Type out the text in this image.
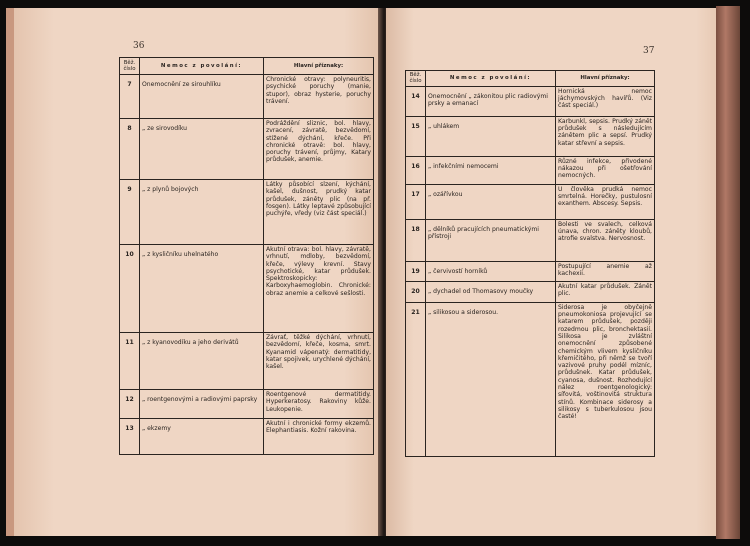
36	37
Běž. číslo	Nemoc z povolání:	Hlavní příznaky:
7	Onemocnění ze sirouhlíku	Chronické otravy: polyneuritis, psychické poruchy (manie, stupor), obraz hysterie, poruchy trávení.
8	„ ze sirovodíku	Podráždění sliznic, bol. hlavy, zvracení, závratě, bezvědomí, stížené dýchání, křeče. Při chronické otravě: bol. hlavy, poruchy trávení, průjmy, Katary průdušek, anemie.
9	„ z plynů bojových	Látky působící slzení, kýchání, kašel, dušnost, prudký katar průdušek, záněty plic (na př. fosgen). Látky leptavé způsobující puchýře, vředy (viz část speciál.)
10	„ z kysličníku uhelnatého	Akutní otrava: bol. hlavy, závratě, vrhnutí, mdloby, bezvědomí, křeče, výlevy krevní. Stavy psychotické, katar průdušek. Spektroskopicky: Karboxyhaemoglobin. Chronické: obraz anemie a celkové sešlosti.
11	„ z kyanovodíku a jeho derivátů	Závrať, těžké dýchání, vrhnutí, bezvědomí, křeče, kosma, smrt. Kyanamid vápenatý: dermatitidy, katar spojivek, urychlené dýchání, kašel.
12	„ roentgenovými a radiovými paprsky	Roentgenové dermatitidy. Hyperkeratosy. Rakoviny kůže. Leukopenie.
13	„ ekzemy	Akutní i chronické formy ekzemů. Elephantiasis. Kožní rakovina.
Běž. číslo	Nemoc z povolání:	Hlavní příznaky:
14	Onemocnění „ zákonitou plic radiovými prsky a emanací	Hornická nemoc jáchymovských havířů. (Viz část speciál.)
15	„ uhlákem	Karbunkl, sepsis. Prudký zánět průdušek s následujícím zánětem plic a sepsí. Prudký katar střevní a sepsis.
16	„ infekčními nemocemi	Různé infekce, přivodené nákazou při ošetřování nemocných.
17	„ ozářívkou	U člověka prudká nemoc smrtelná. Horečky, pustulosní exanthem. Abscesy. Sepsis.
18	„ dělníků pracujících pneumatickými přístroji	Bolesti ve svalech, celková únava, chron. záněty kloubů, atrofie svalstva. Nervosnost.
19	„ červivostí horníků	Postupující anemie až kachexii.
20	„ dychadel od Thomasovy moučky	Akutní katar průdušek. Zánět plic.
21	„ silikosou a siderosou.	Siderosa je obyčejně pneumokoniosa projevující se katarem průdušek, později rozedmou plic, bronchektasií. Silikosa je zvláštní onemocnění způsobené chemickým vlivem kysličníku křemičitého, při němž se tvoří vazivové pruhy podél mízníc, průdušnek. Katar průdušek, cyanosa, dušnost. Rozhodující nález roentgenologický: sífovitá, voštinovitá struktura stínů. Kombinace siderosy a silikosy s tuberkulosou jsou časté!
